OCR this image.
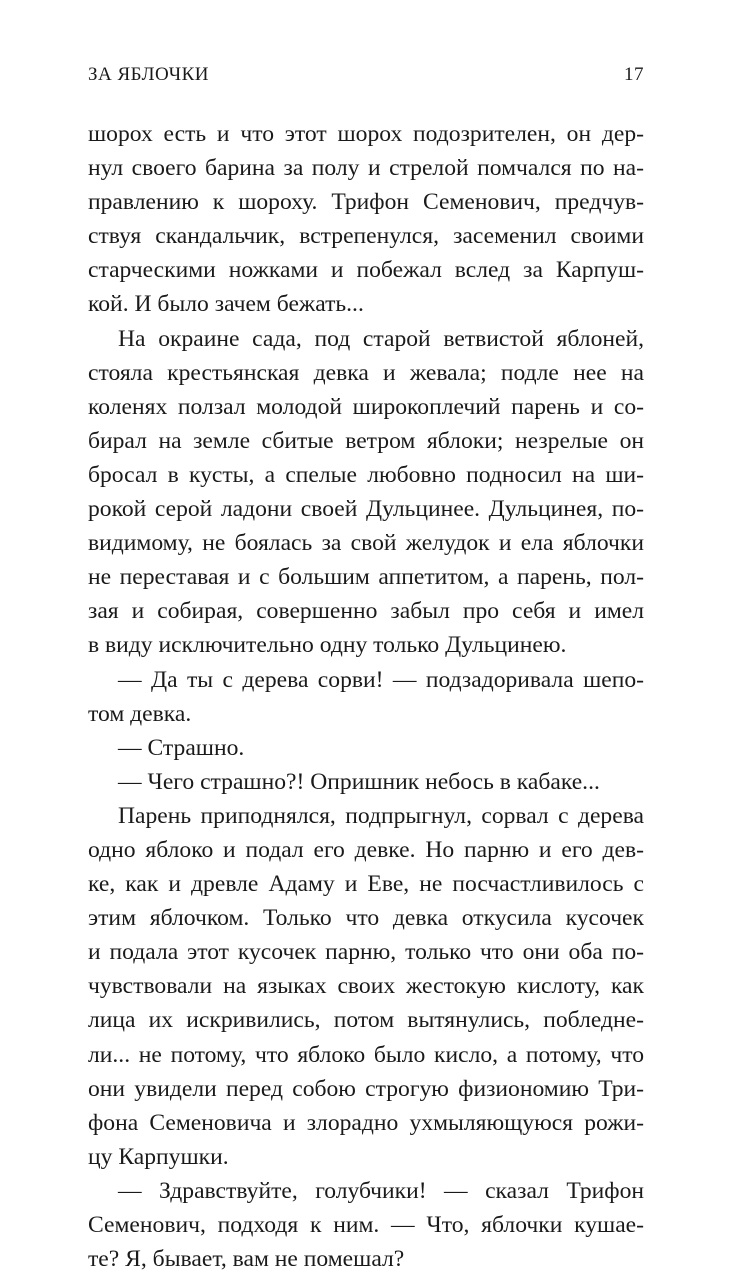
ЗА ЯБЛОЧКИ	17
шорох есть и что этот шорох подозрителен, он дер-
нул своего барина за полу и стрелой помчался по на-
правлению к шороху. Трифон Семенович, предчув-
ствуя скандальчик, встрепенулся, засеменил своими
старческими ножками и побежал вслед за Карпуш-
кой. И было зачем бежать...
На окраине сада, под старой ветвистой яблоней,
стояла крестьянская девка и жевала; подле нее на
коленях ползал молодой широкоплечий парень и со-
бирал на земле сбитые ветром яблоки; незрелые он
бросал в кусты, а спелые любовно подносил на ши-
рокой серой ладони своей Дульцинее. Дульцинея, по-
видимому, не боялась за свой желудок и ела яблочки
не переставая и с большим аппетитом, а парень, пол-
зая и собирая, совершенно забыл про себя и имел
в виду исключительно одну только Дульцинею.
— Да ты с дерева сорви! — подзадоривала шепо-
том девка.
— Страшно.
— Чего страшно?! Опришник небось в кабаке...
Парень приподнялся, подпрыгнул, сорвал с дерева
одно яблоко и подал его девке. Но парню и его дев-
ке, как и древле Адаму и Еве, не посчастливилось с
этим яблочком. Только что девка откусила кусочек
и подала этот кусочек парню, только что они оба по-
чувствовали на языках своих жестокую кислоту, как
лица их искривились, потом вытянулись, побледне-
ли... не потому, что яблоко было кисло, а потому, что
они увидели перед собою строгую физиономию Три-
фона Семеновича и злорадно ухмыляющуюся рожи-
цу Карпушки.
— Здравствуйте, голубчики! — сказал Трифон
Семенович, подходя к ним. — Что, яблочки кушае-
те? Я, бывает, вам не помешал?
